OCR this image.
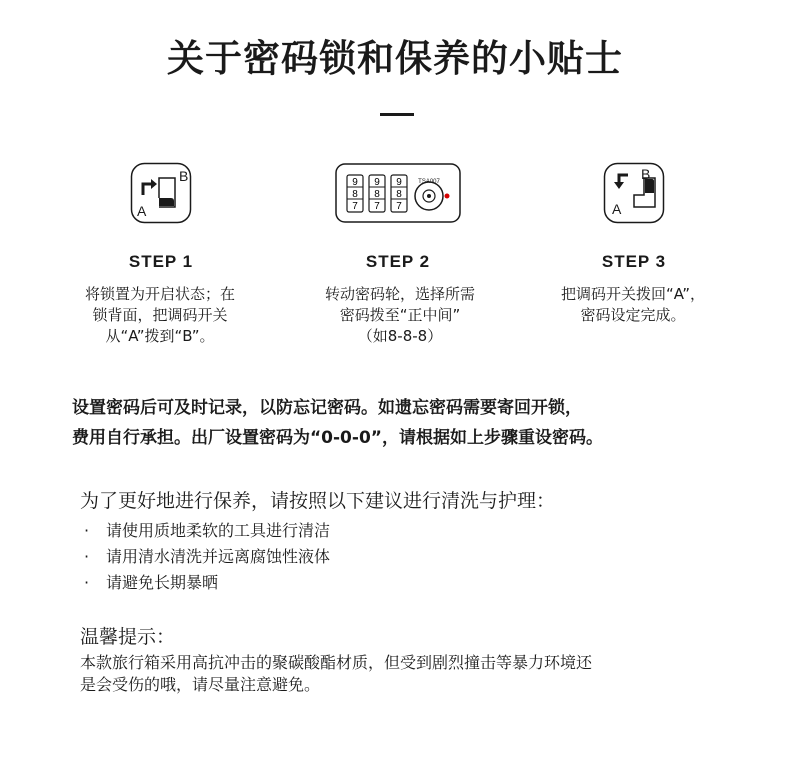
关于密码锁和保养的小贴士
B
A
9
8
7
9
8
7
9
8
7
TSA007	B
A
STEP 1	STEP 2	STEP 3
将锁置为开启状态；在
锁背面，把调码开关
从“A”拨到“B”。
转动密码轮，选择所需
密码拨至“正中间”
（如8-8-8）
把调码开关拨回“A”，
密码设定完成。

设置密码后可及时记录，以防忘记密码。如遗忘密码需要寄回开锁，

费用自行承担。出厂设置密码为“0-0-0”，请根据如上步骤重设密码。

为了更好地进行保养，请按照以下建议进行清洗与护理：
·	请使用质地柔软的工具进行清洁
·	请用清水清洗并远离腐蚀性液体
·	请避免长期暴晒
温馨提示：

本款旅行箱采用高抗冲击的聚碳酸酯材质，但受到剧烈撞击等暴力环境还

是会受伤的哦，请尽量注意避免。
